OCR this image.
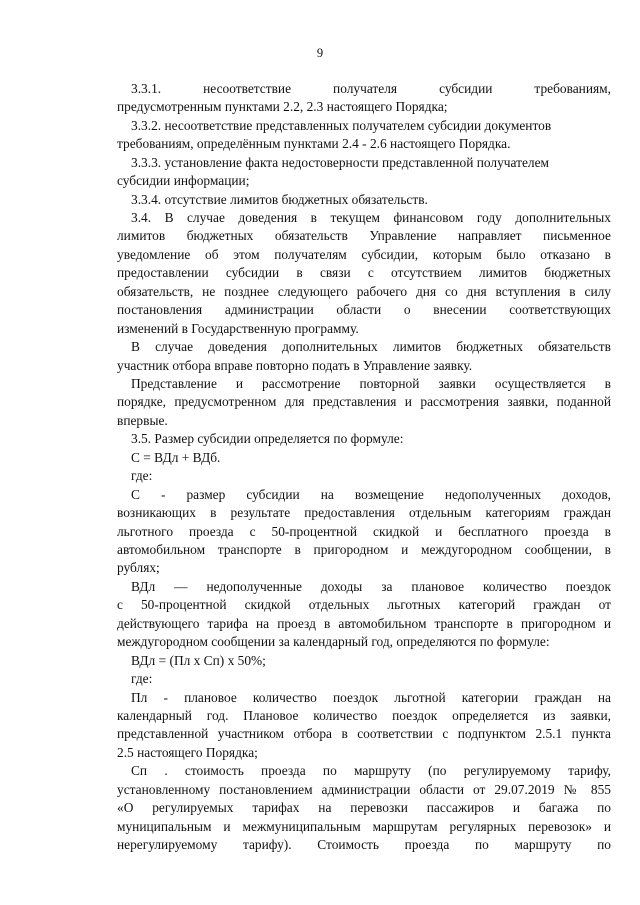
9
3.3.1. несоответствие получателя субсидии требованиям,
предусмотренным пунктами 2.2, 2.3 настоящего Порядка;
3.3.2. несоответствие представленных получателем субсидии документов
требованиям, определённым пунктами 2.4 - 2.6 настоящего Порядка.
3.3.3. установление факта недостоверности представленной получателем
субсидии информации;
3.3.4. отсутствие лимитов бюджетных обязательств.
3.4. В случае доведения в текущем финансовом году дополнительных
лимитов бюджетных обязательств Управление направляет письменное
уведомление об этом получателям субсидии, которым было отказано в
предоставлении субсидии в связи с отсутствием лимитов бюджетных
обязательств, не позднее следующего рабочего дня со дня вступления в силу
постановления администрации области о внесении соответствующих
изменений в Государственную программу.
В случае доведения дополнительных лимитов бюджетных обязательств
участник отбора вправе повторно подать в Управление заявку.
Представление и рассмотрение повторной заявки осуществляется в
порядке, предусмотренном для представления и рассмотрения заявки, поданной
впервые.
3.5. Размер субсидии определяется по формуле:
С = ВДл + ВДб.
где:
С - размер субсидии на возмещение недополученных доходов,
возникающих в результате предоставления отдельным категориям граждан
льготного проезда с 50-процентной скидкой и бесплатного проезда в
автомобильном транспорте в пригородном и междугородном сообщении, в
рублях;
ВДл — недополученные доходы за плановое количество поездок
с 50-процентной скидкой отдельных льготных категорий граждан от
действующего тарифа на проезд в автомобильном транспорте в пригородном и
междугородном сообщении за календарный год, определяются по формуле:
ВДл = (Пл х Сп) х 50%;
где:
Пл - плановое количество поездок льготной категории граждан на
календарный год. Плановое количество поездок определяется из заявки,
представленной участником отбора в соответствии с подпунктом 2.5.1 пункта
2.5 настоящего Порядка;
Сп . стоимость проезда по маршруту (по регулируемому тарифу,
установленному постановлением администрации области от 29.07.2019 № 855
«О регулируемых тарифах на перевозки пассажиров и багажа по
муниципальным и межмуниципальным маршрутам регулярных перевозок» и
нерегулируемому тарифу). Стоимость проезда по маршруту по
